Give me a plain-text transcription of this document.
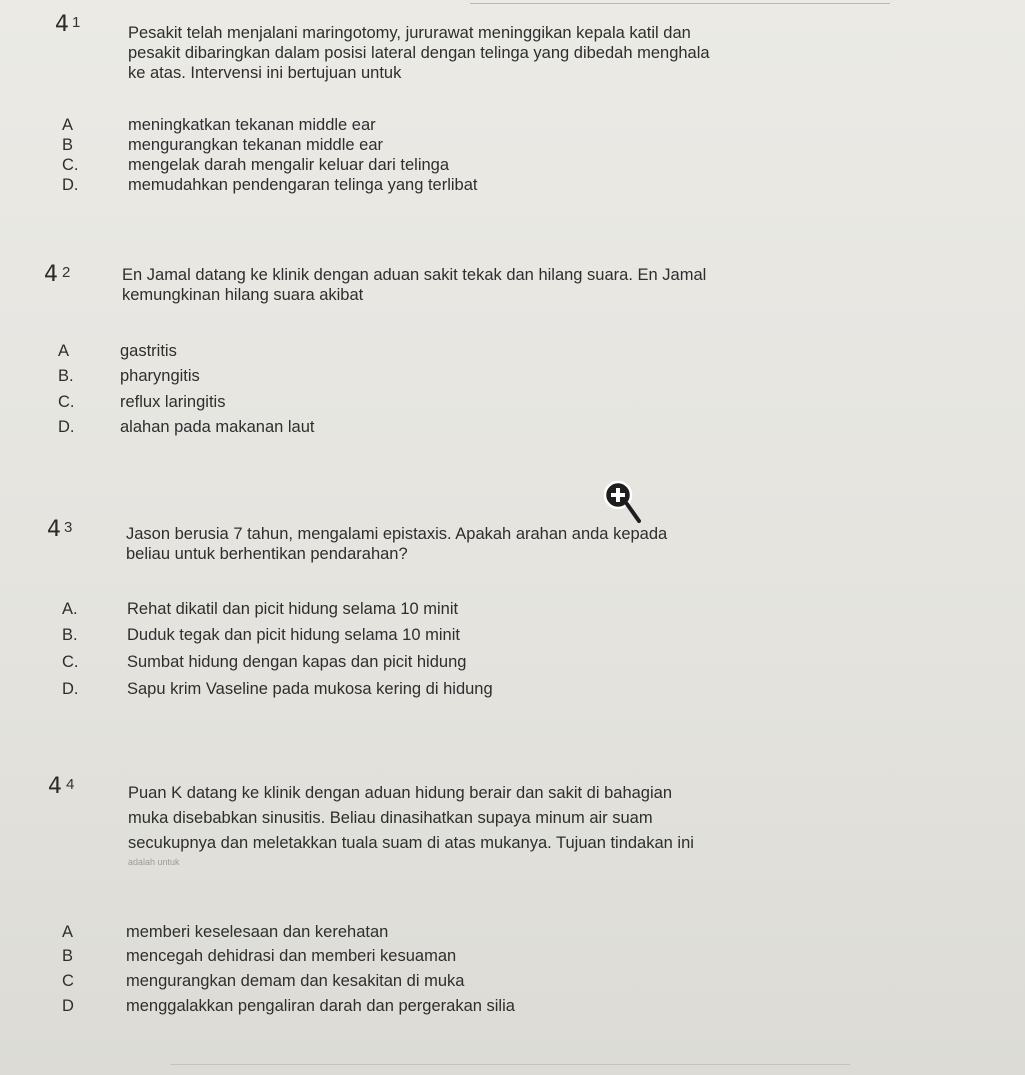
4 1
Pesakit telah menjalani maringotomy, jururawat meninggikan kepala katil dan
pesakit dibaringkan dalam posisi lateral dengan telinga yang dibedah menghala
ke atas. Intervensi ini bertujuan untuk
A	meningkatkan tekanan middle ear
B	mengurangkan tekanan middle ear
C.	mengelak darah mengalir keluar dari telinga
D.	memudahkan pendengaran telinga yang terlibat
4 2	En Jamal datang ke klinik dengan aduan sakit tekak dan hilang suara. En Jamal
kemungkinan hilang suara akibat
A	gastritis
B.	pharyngitis
C.	reflux laringitis
D.	alahan pada makanan laut
4 3	Jason berusia 7 tahun, mengalami epistaxis. Apakah arahan anda kepada
beliau untuk berhentikan pendarahan?
A.	Rehat dikatil dan picit hidung selama 10 minit
B.	Duduk tegak dan picit hidung selama 10 minit
C.	Sumbat hidung dengan kapas dan picit hidung
D.	Sapu krim Vaseline pada mukosa kering di hidung
4 4	Puan K datang ke klinik dengan aduan hidung berair dan sakit di bahagian
muka disebabkan sinusitis. Beliau dinasihatkan supaya minum air suam
secukupnya dan meletakkan tuala suam di atas mukanya. Tujuan tindakan ini
adalah untuk
A	memberi keselesaan dan kerehatan
B	mencegah dehidrasi dan memberi kesuaman
C	mengurangkan demam dan kesakitan di muka
D	menggalakkan pengaliran darah dan pergerakan silia
